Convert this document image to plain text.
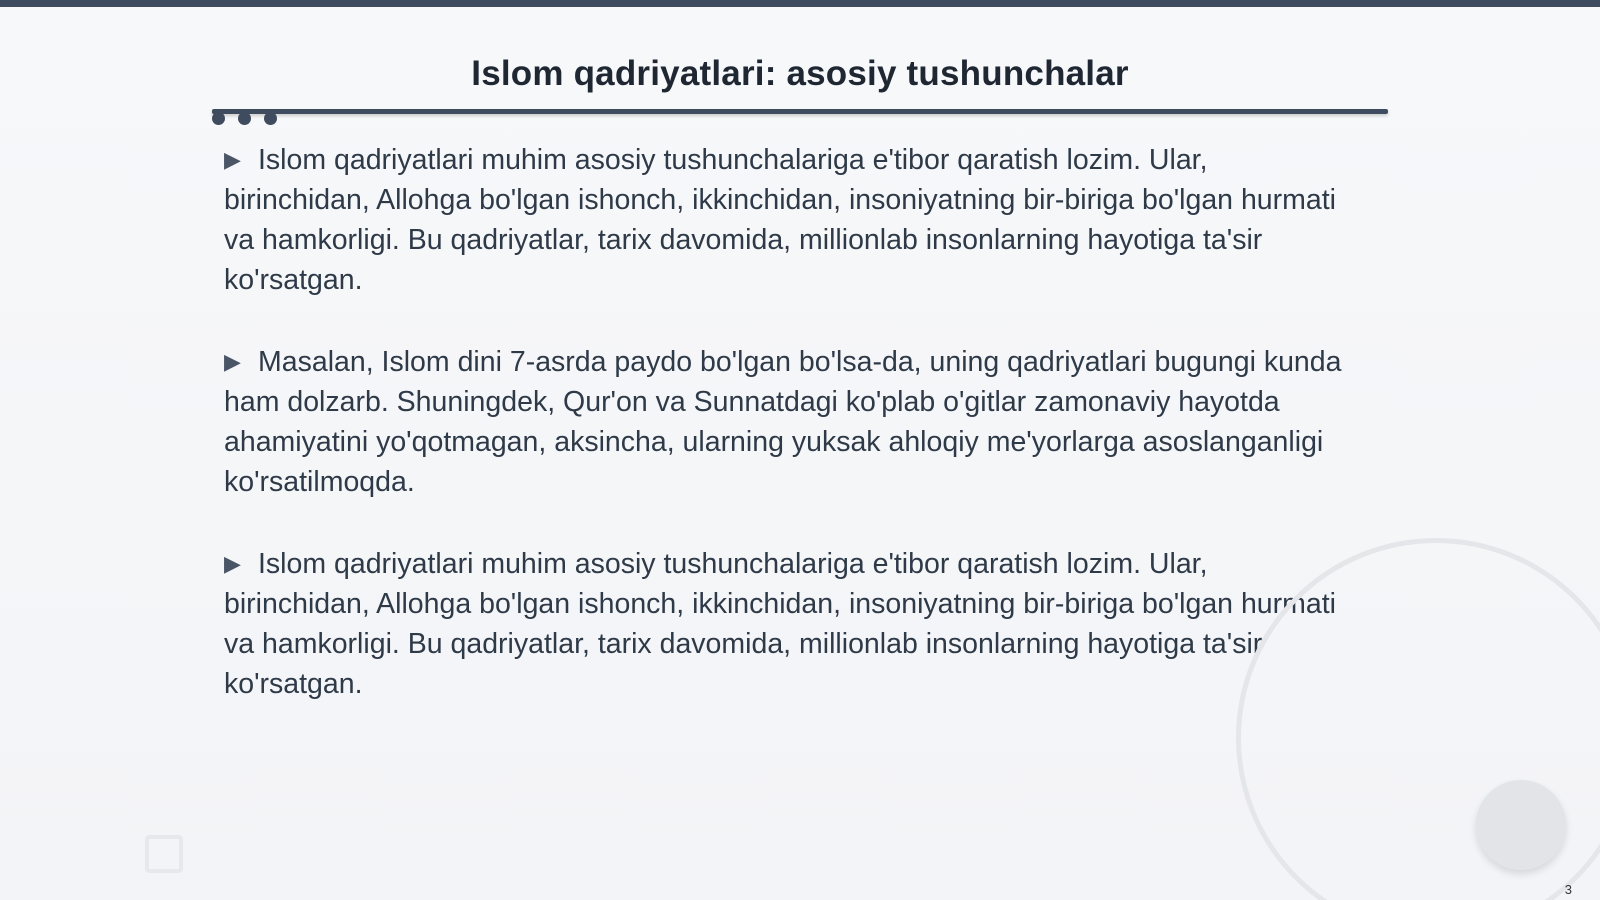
Islom qadriyatlari: asosiy tushunchalar

▶ Islom qadriyatlari muhim asosiy tushunchalariga e'tibor qaratish lozim. Ular, birinchidan, Allohga bo'lgan ishonch, ikkinchidan, insoniyatning bir-biriga bo'lgan hurmati va hamkorligi. Bu qadriyatlar, tarix davomida, millionlab insonlarning hayotiga ta'sir ko'rsatgan.

▶ Masalan, Islom dini 7-asrda paydo bo'lgan bo'lsa-da, uning qadriyatlari bugungi kunda ham dolzarb. Shuningdek, Qur'on va Sunnatdagi ko'plab o'gitlar zamonaviy hayotda ahamiyatini yo'qotmagan, aksincha, ularning yuksak ahloqiy me'yorlarga asoslanganligi ko'rsatilmoqda.

▶ Islom qadriyatlari muhim asosiy tushunchalariga e'tibor qaratish lozim. Ular, birinchidan, Allohga bo'lgan ishonch, ikkinchidan, insoniyatning bir-biriga bo'lgan hurmati va hamkorligi. Bu qadriyatlar, tarix davomida, millionlab insonlarning hayotiga ta'sir ko'rsatgan.

3
